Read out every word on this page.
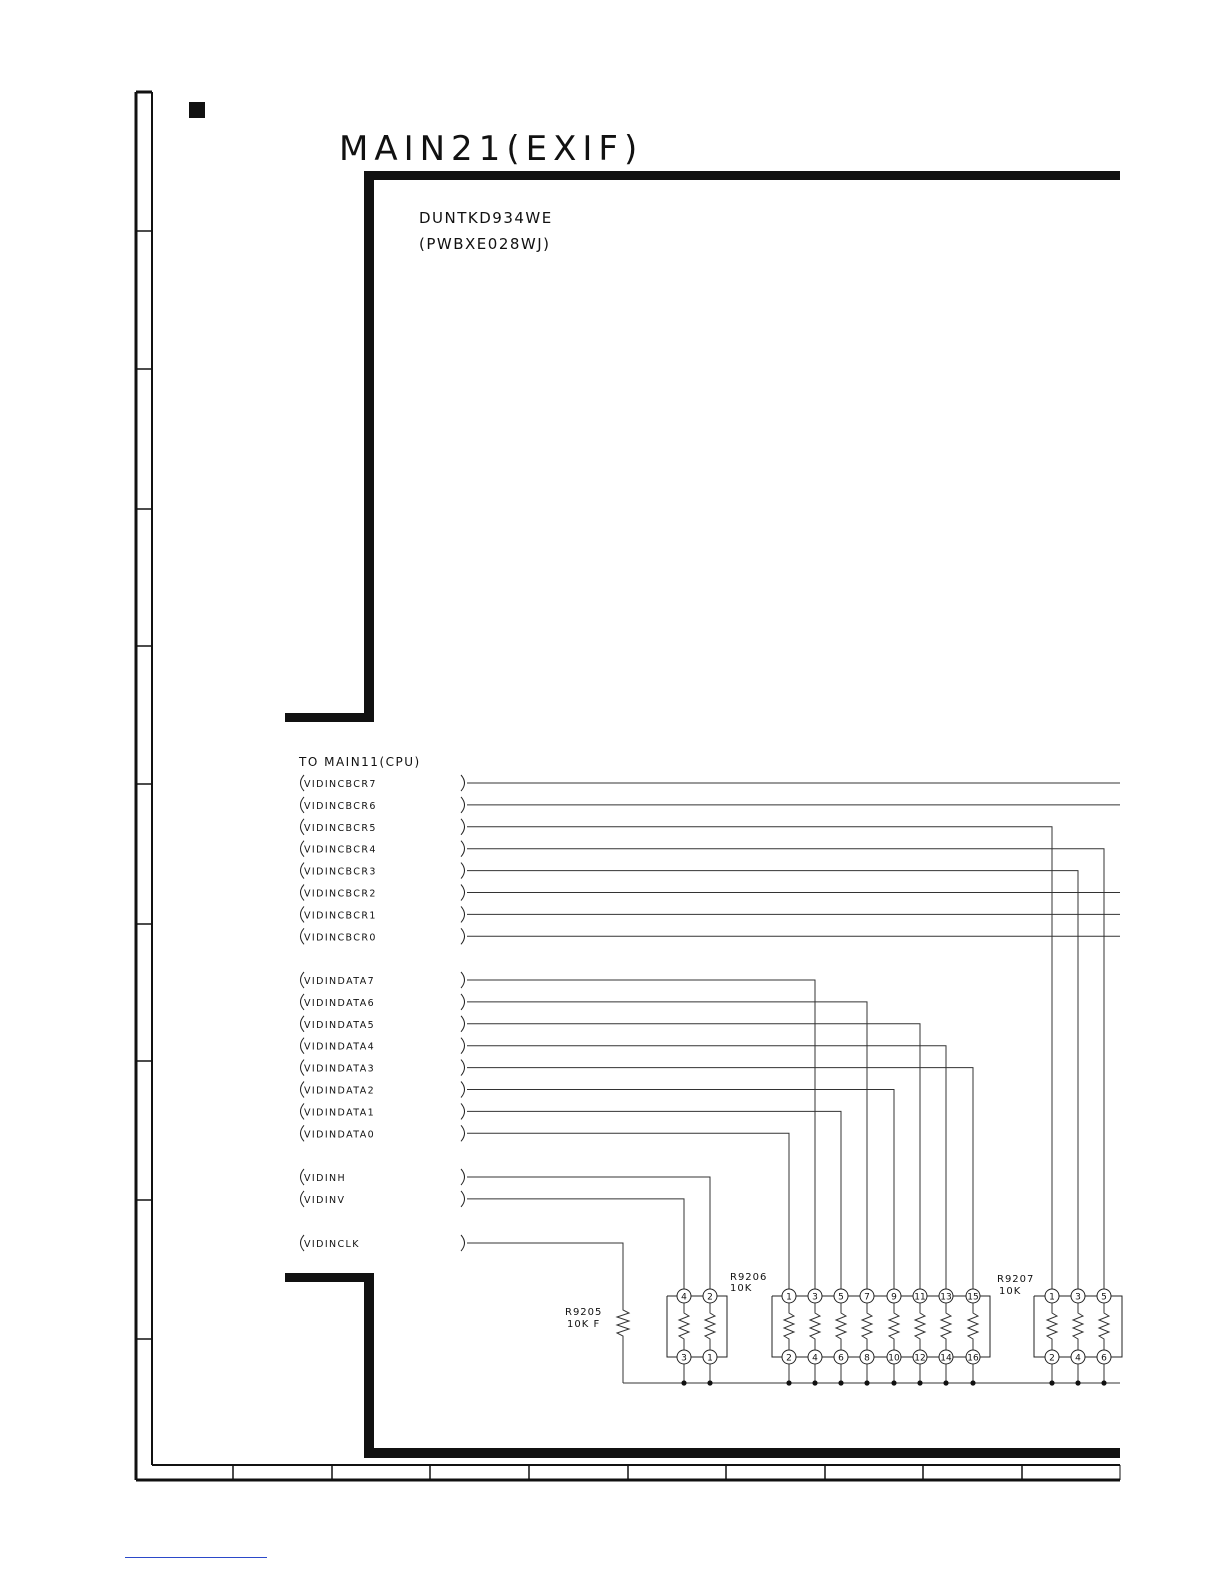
MAIN21(EXIF)
DUNTKD934WE
(PWBXE028WJ)
TO MAIN11(CPU)
VIDINCBCR7
VIDINCBCR6
VIDINCBCR5
VIDINCBCR4
VIDINCBCR3
VIDINCBCR2
VIDINCBCR1
VIDINCBCR0
VIDINDATA7
VIDINDATA6
VIDINDATA5
VIDINDATA4
VIDINDATA3
VIDINDATA2
VIDINDATA1
VIDINDATA0
VIDINH
VIDINV
VIDINCLK
R9205
10K F
R9206
10K
4
3
2
1
1
2
3
4
5
6
7
8
9
10
11
12
13
14
15
16
R9207
10K
1
2
3
4
5
6
